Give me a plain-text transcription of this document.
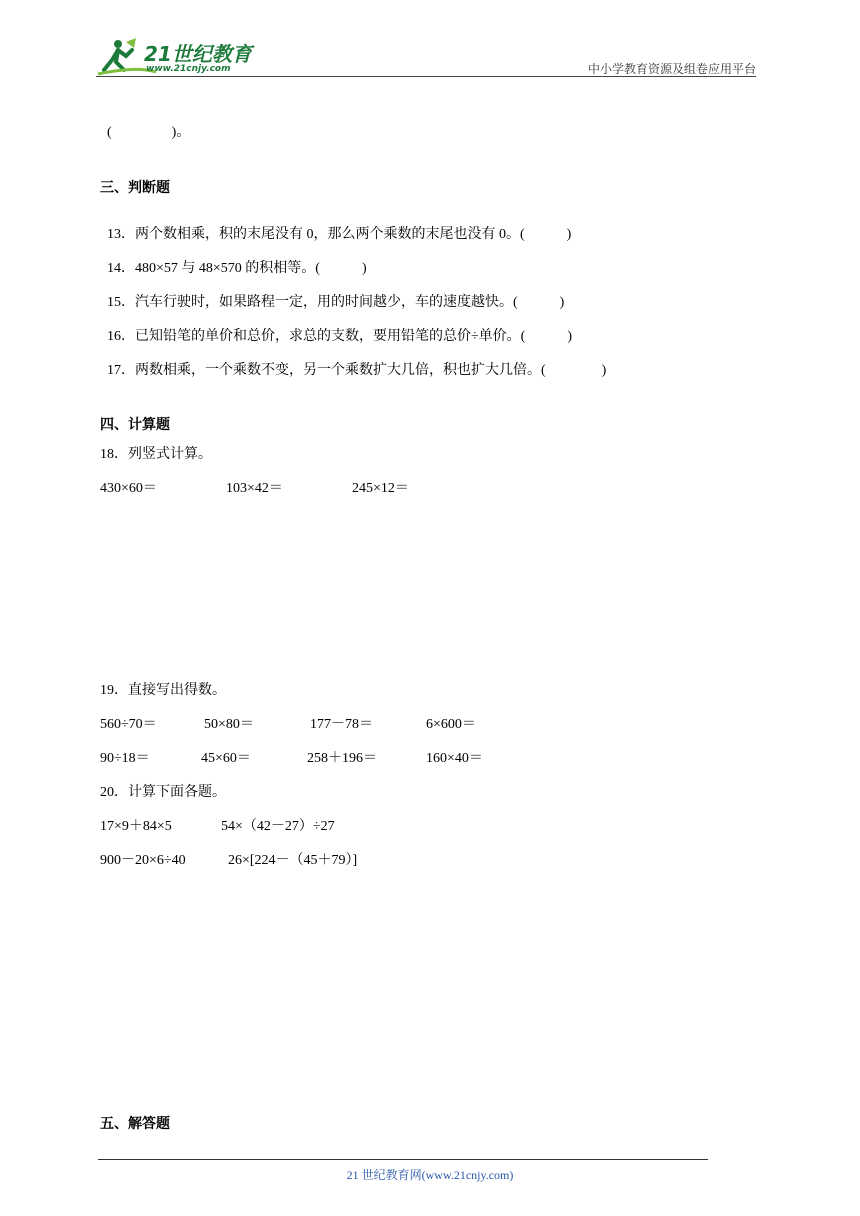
21世纪教育
www.21cnjy.com	中小学教育资源及组卷应用平台

(	)。

三、判断题

13．两个数相乘，积的末尾没有 0，那么两个乘数的末尾也没有 0。(	)

14．480×57 与 48×570 的积相等。(	)

15．汽车行驶时，如果路程一定，用的时间越少，车的速度越快。(	)

16．已知铅笔的单价和总价，求总的支数，要用铅笔的总价÷单价。(	)

17．两数相乘，一个乘数不变，另一个乘数扩大几倍，积也扩大几倍。(	)

四、计算题
18．列竖式计算。
430×60＝	103×42＝	245×12＝
19．直接写出得数。
560÷70＝	50×80＝	177－78＝	6×600＝
90÷18＝	45×60＝	258＋196＝	160×40＝
20．计算下面各题。
17×9＋84×5	54×（42－27）÷27
900－20×6÷40	26×[224－（45＋79）]
五、解答题
21 世纪教育网(www.21cnjy.com)
